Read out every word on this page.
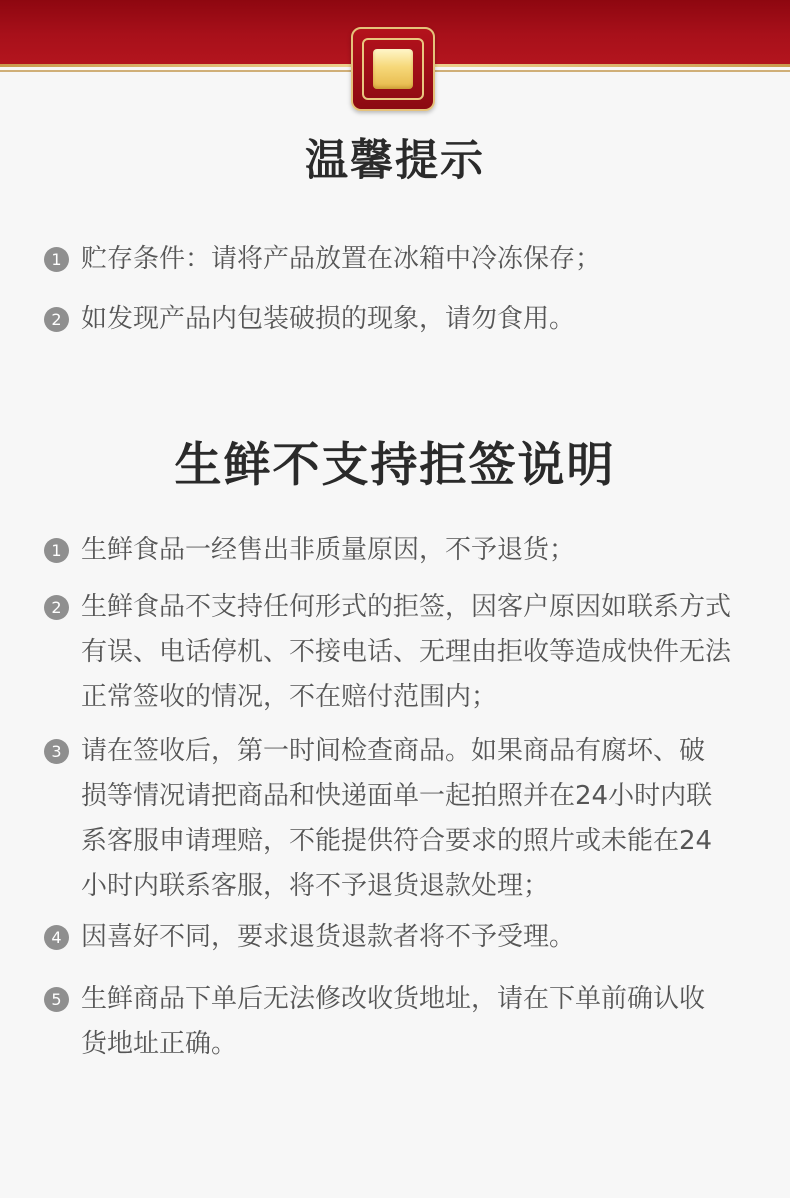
温馨提示
1 贮存条件：请将产品放置在冰箱中冷冻保存；
2 如发现产品内包装破损的现象，请勿食用。
生鲜不支持拒签说明
1 生鲜食品一经售出非质量原因，不予退货；
2 生鲜食品不支持任何形式的拒签，因客户原因如联系方式
有误、电话停机、不接电话、无理由拒收等造成快件无法
正常签收的情况，不在赔付范围内；
3 请在签收后，第一时间检查商品。如果商品有腐坏、破
损等情况请把商品和快递面单一起拍照并在24小时内联
系客服申请理赔，不能提供符合要求的照片或未能在24
小时内联系客服，将不予退货退款处理；
4 因喜好不同，要求退货退款者将不予受理。
5 生鲜商品下单后无法修改收货地址，请在下单前确认收
货地址正确。
